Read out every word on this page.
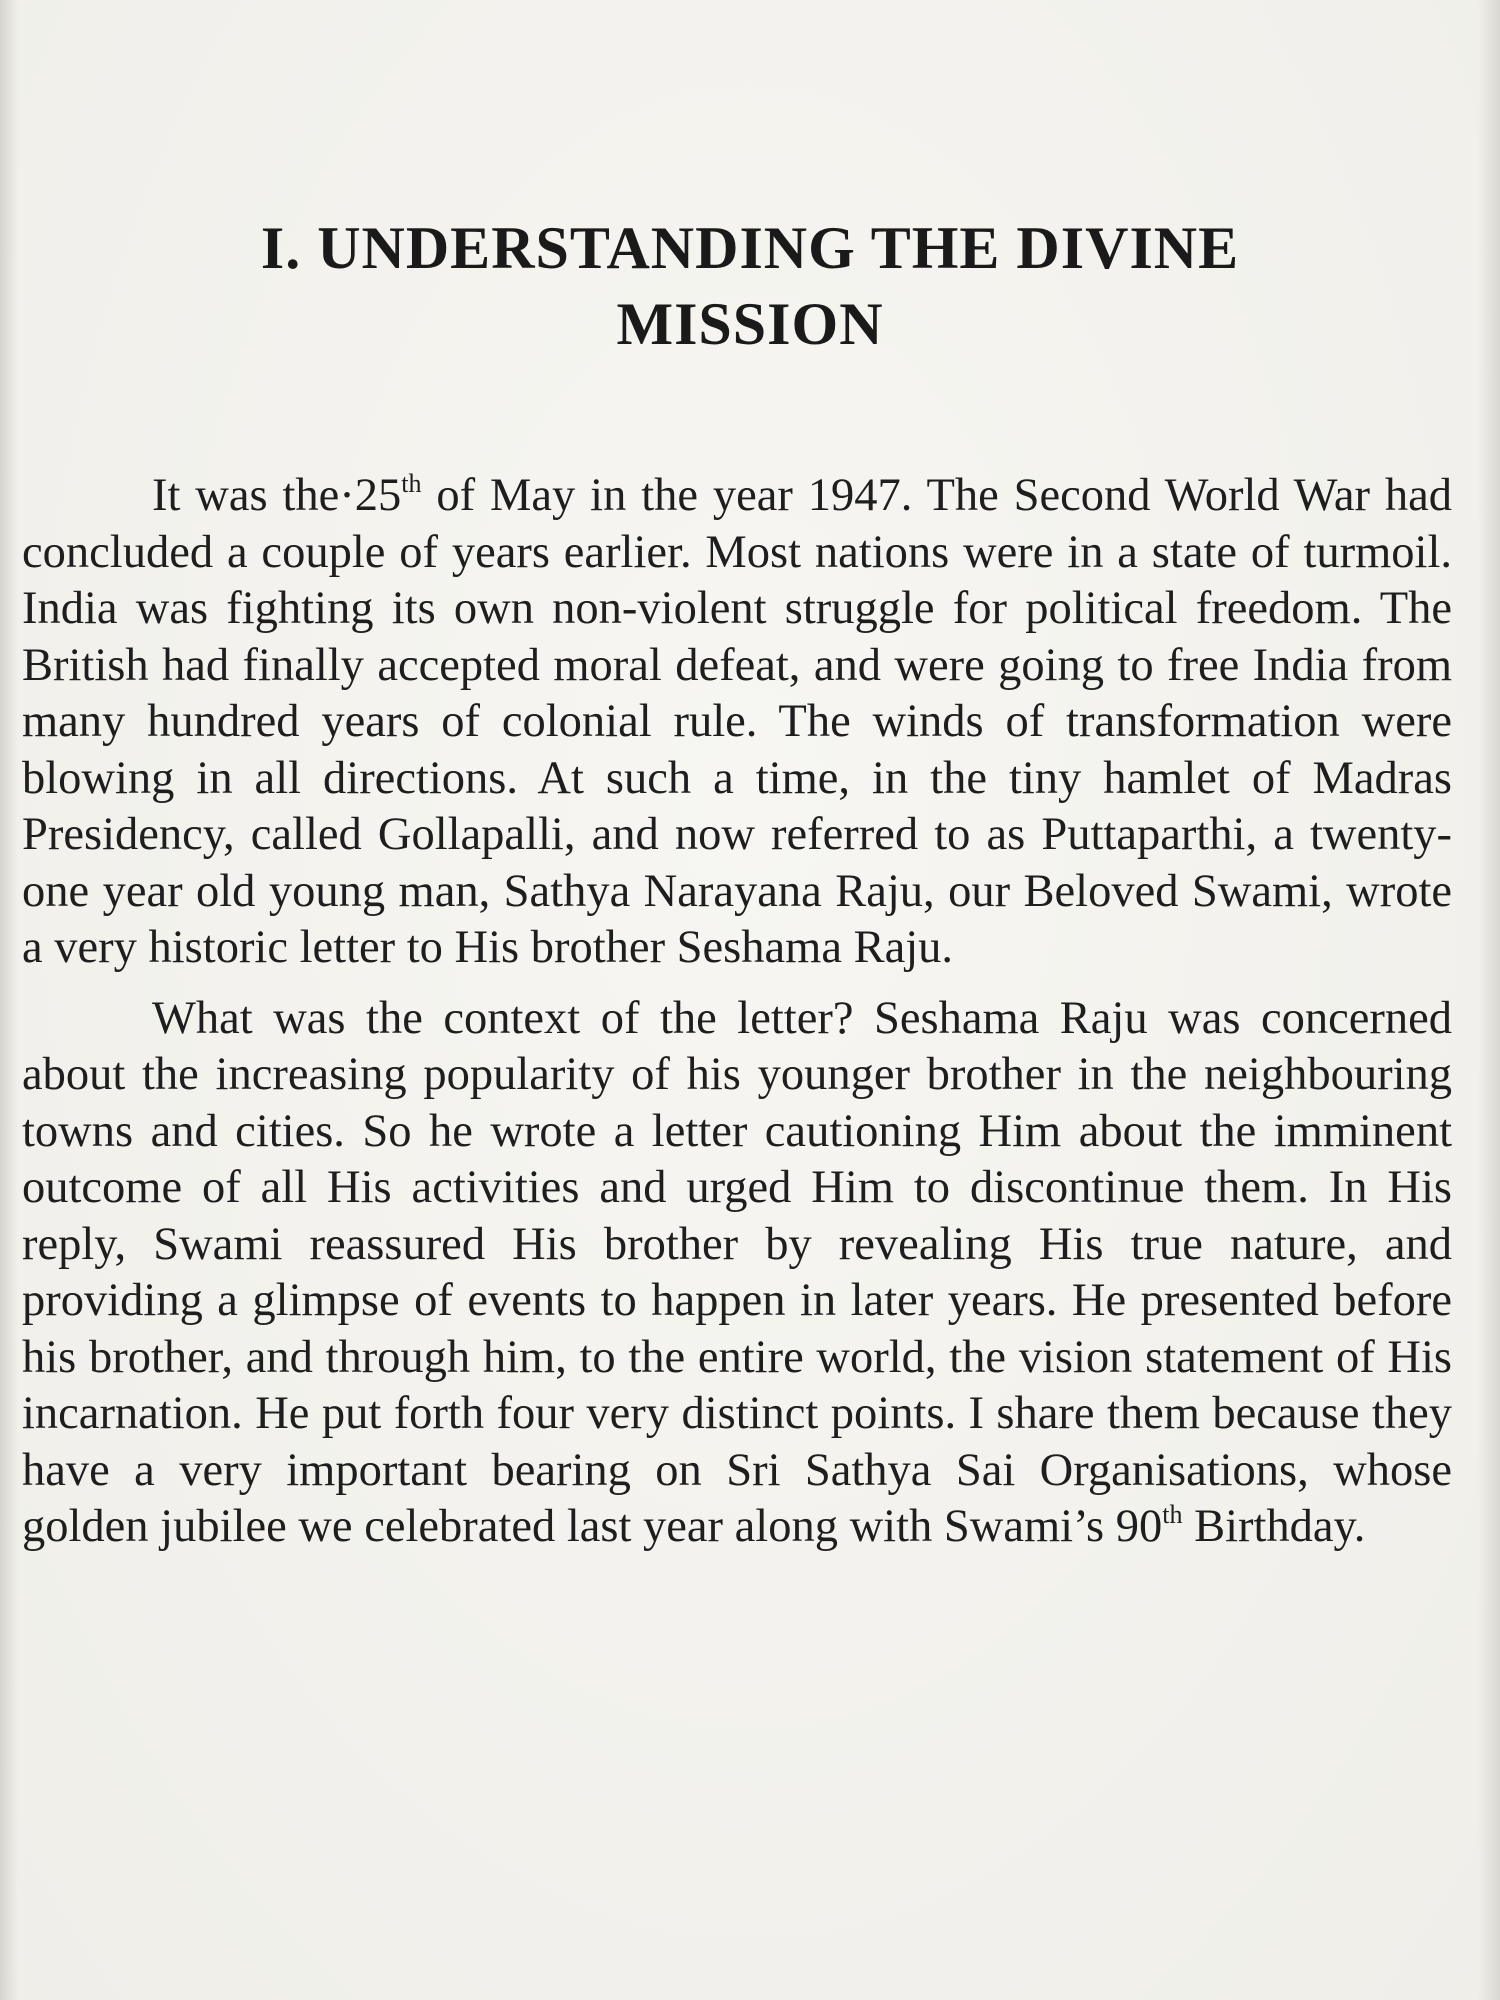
I. UNDERSTANDING THE DIVINE
MISSION

It was the·25th of May in the year 1947. The Second World War had concluded a couple of years earlier. Most nations were in a state of turmoil. India was fighting its own non-violent struggle for political freedom. The British had finally accepted moral defeat, and were going to free India from many hundred years of colonial rule. The winds of transformation were blowing in all directions. At such a time, in the tiny hamlet of Madras Presidency, called Gollapalli, and now referred to as Puttaparthi, a twenty-one year old young man, Sathya Narayana Raju, our Beloved Swami, wrote a very historic letter to His brother Seshama Raju.

What was the context of the letter? Seshama Raju was concerned about the increasing popularity of his younger brother in the neighbouring towns and cities. So he wrote a letter cautioning Him about the imminent outcome of all His activities and urged Him to discontinue them. In His reply, Swami reassured His brother by revealing His true nature, and providing a glimpse of events to happen in later years. He presented before his brother, and through him, to the entire world, the vision statement of His incarnation. He put forth four very distinct points. I share them because they have a very important bearing on Sri Sathya Sai Organisations, whose golden jubilee we celebrated last year along with Swami’s 90th Birthday.
